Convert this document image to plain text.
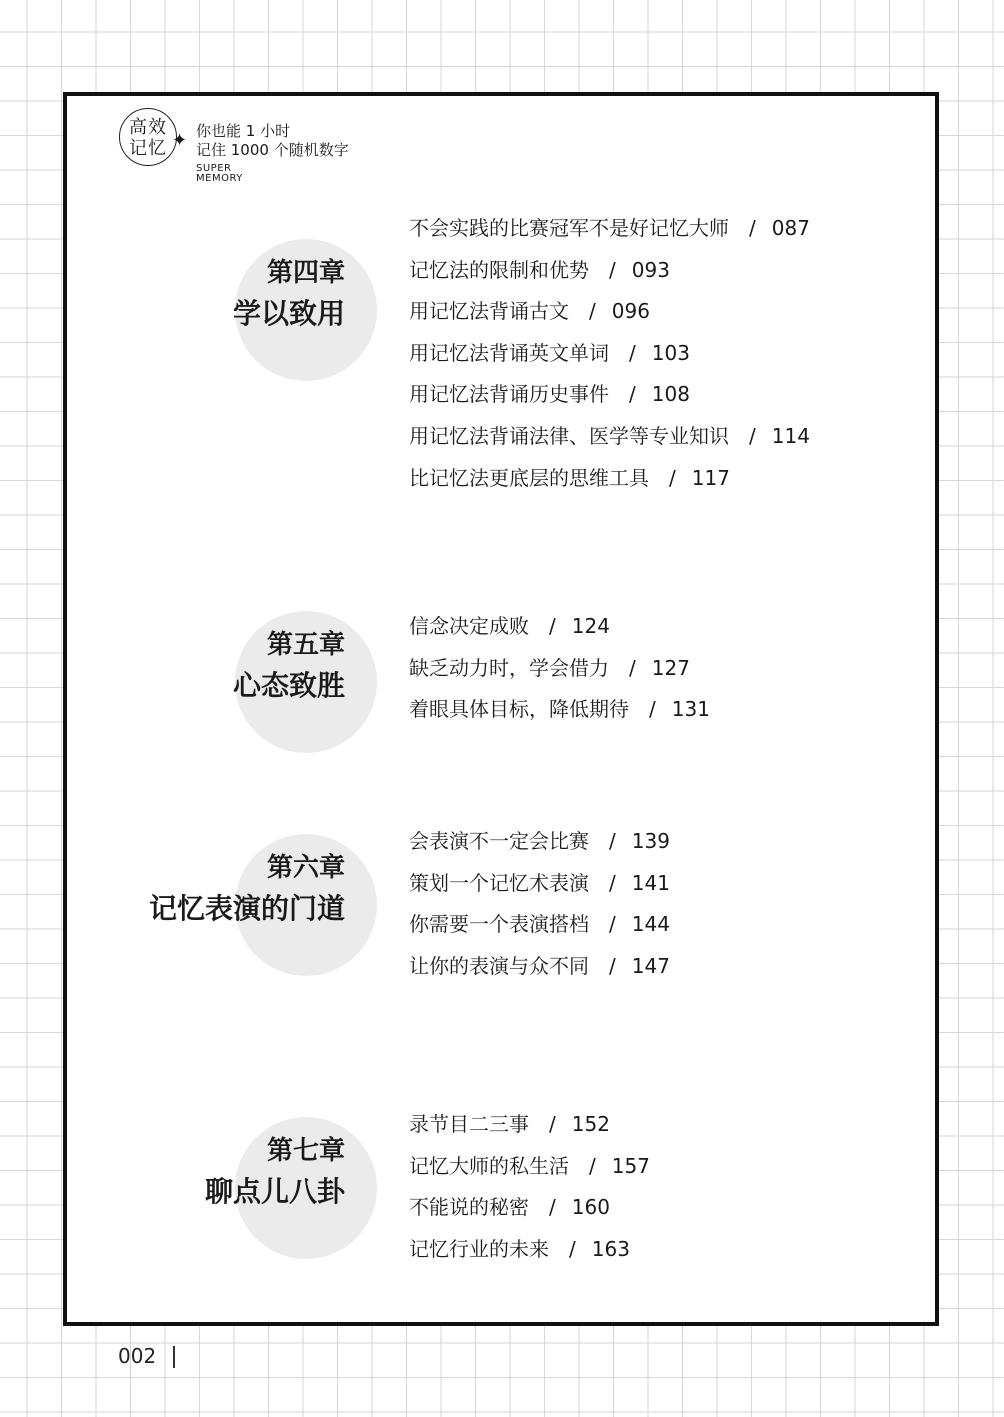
高效
记忆 ✦ 你也能 1 小时
记住 1000 个随机数字
SUPER
MEMORY
第四章
学以致用
不会实践的比赛冠军不是好记忆大师 / 087
记忆法的限制和优势 / 093
用记忆法背诵古文 / 096
用记忆法背诵英文单词 / 103
用记忆法背诵历史事件 / 108
用记忆法背诵法律、医学等专业知识 / 114
比记忆法更底层的思维工具 / 117
第五章
心态致胜
信念决定成败 / 124
缺乏动力时，学会借力 / 127
着眼具体目标，降低期待 / 131
第六章
记忆表演的门道
会表演不一定会比赛 / 139
策划一个记忆术表演 / 141
你需要一个表演搭档 / 144
让你的表演与众不同 / 147
第七章
聊点儿八卦
录节目二三事 / 152
记忆大师的私生活 / 157
不能说的秘密 / 160
记忆行业的未来 / 163
002
